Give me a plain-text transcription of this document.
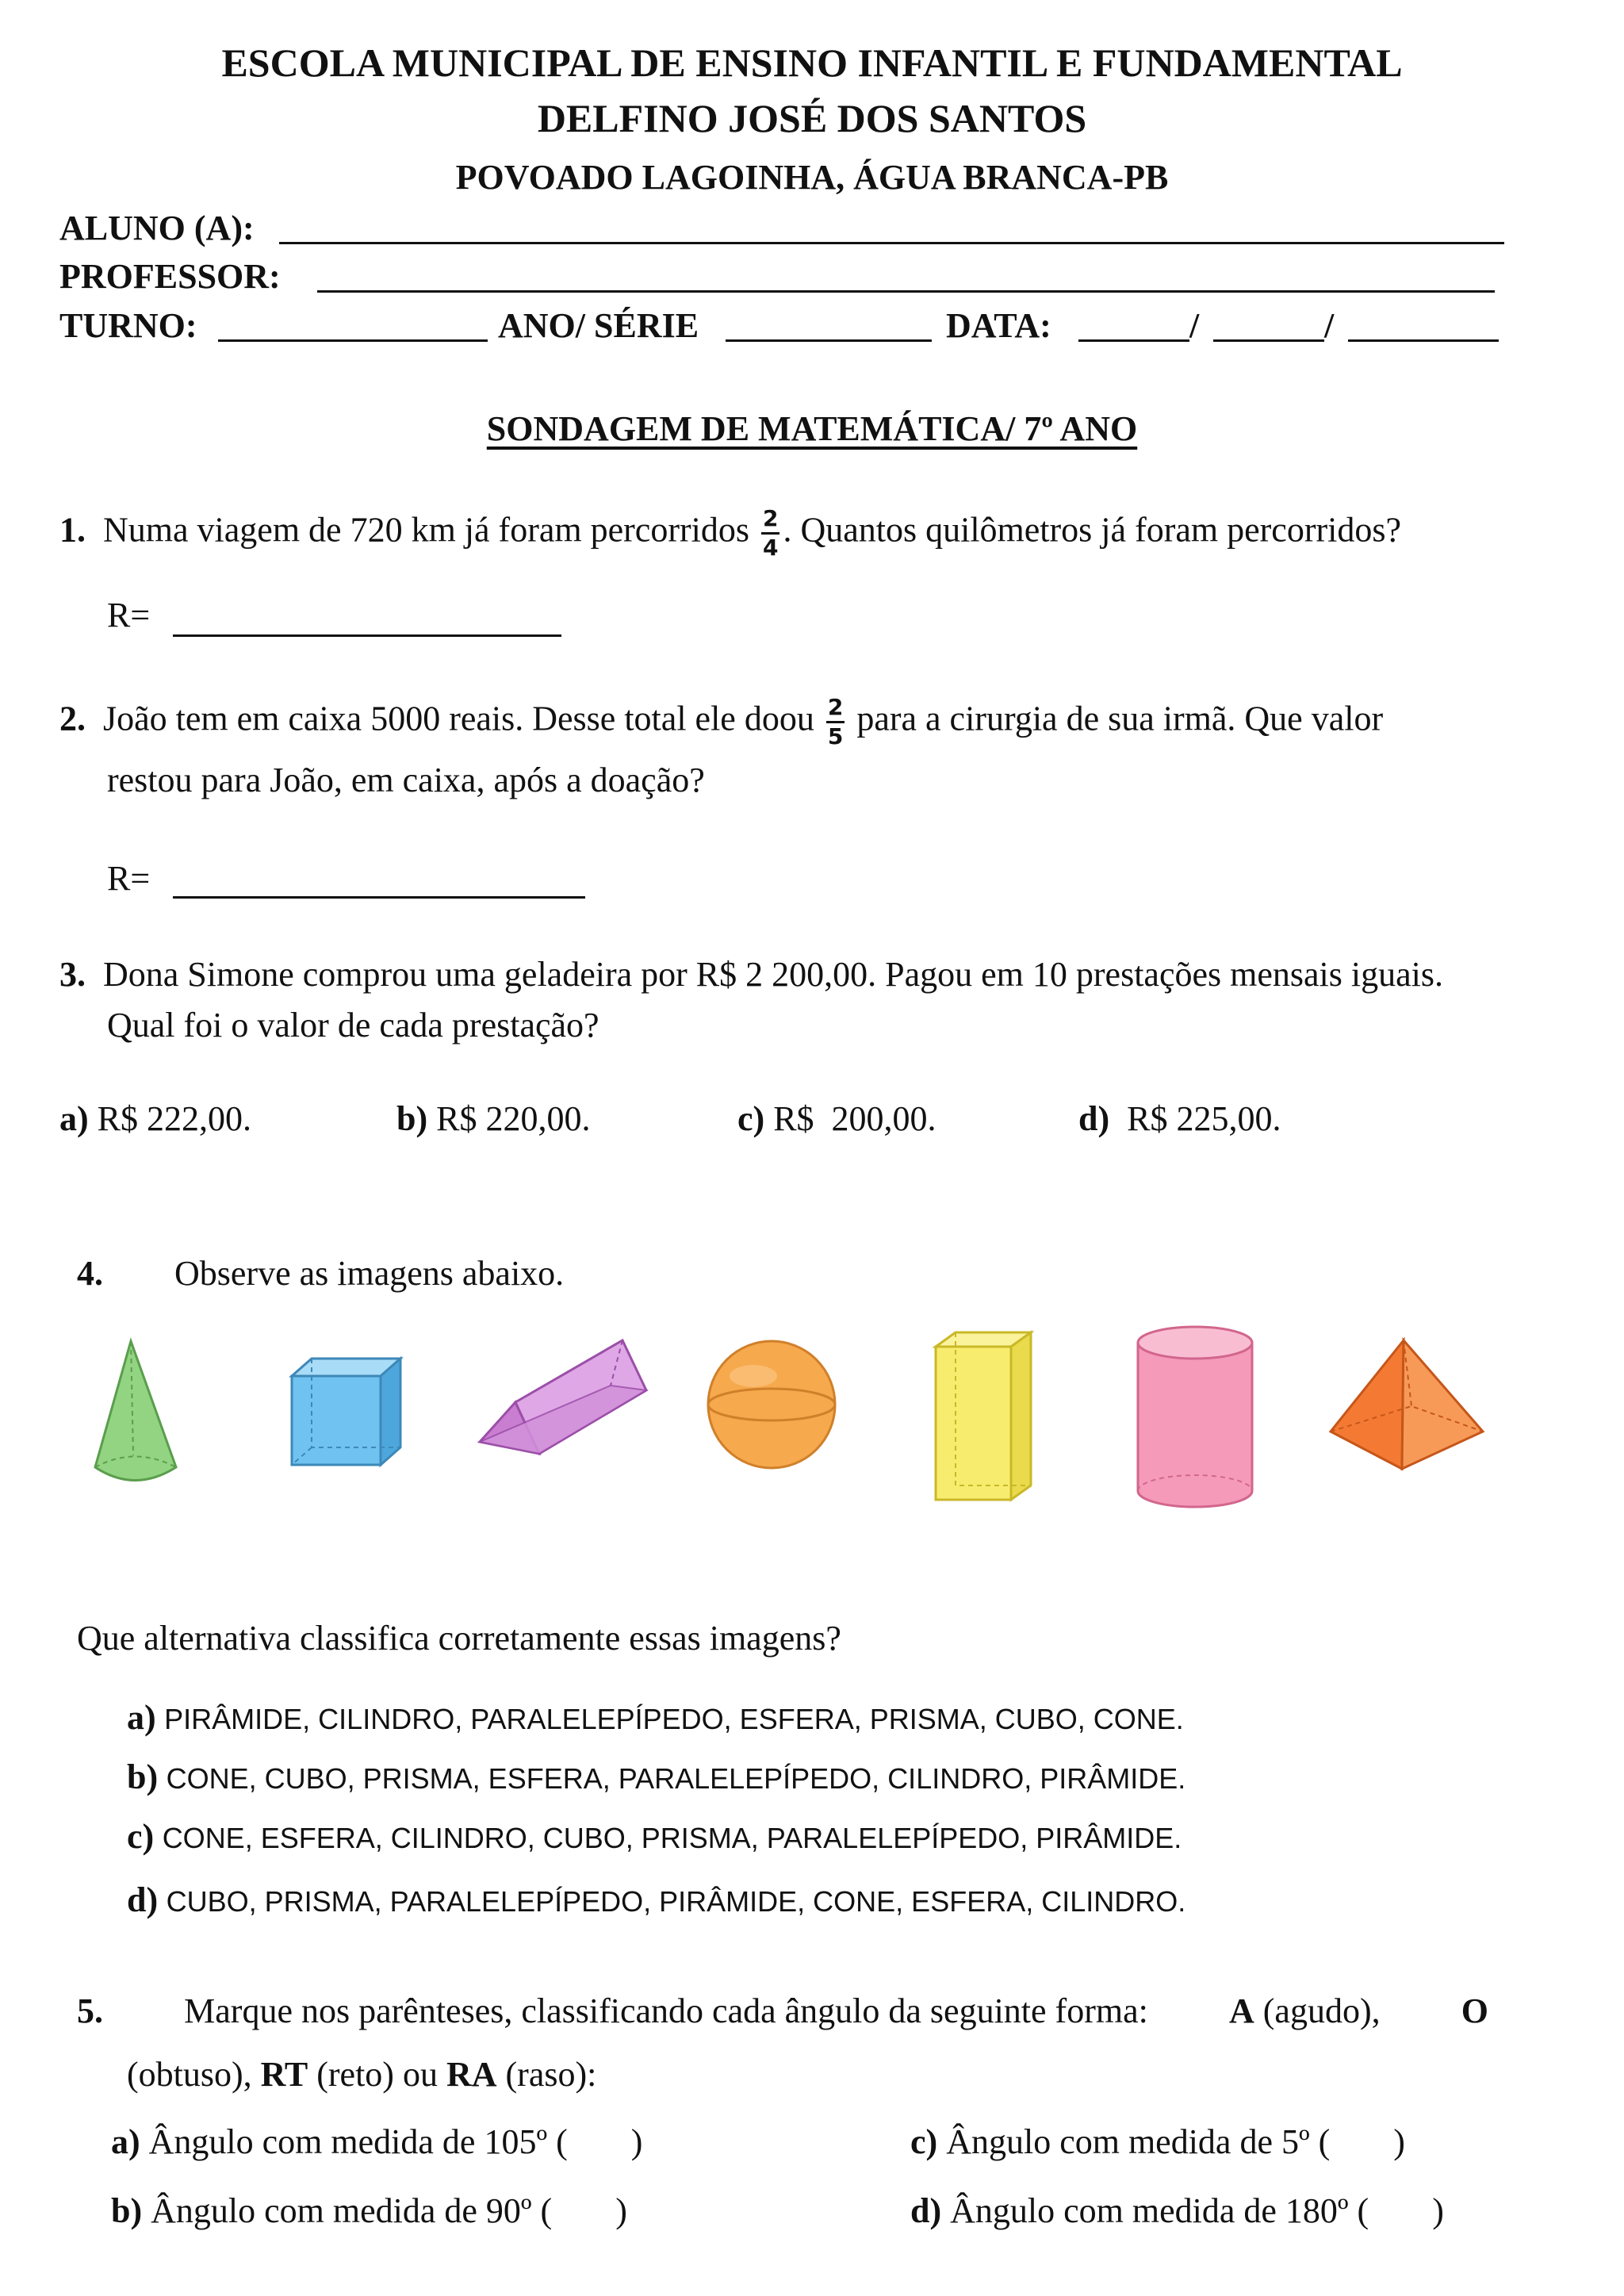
ESCOLA MUNICIPAL DE ENSINO INFANTIL E FUNDAMENTAL
DELFINO JOSÉ DOS SANTOS
POVOADO LAGOINHA, ÁGUA BRANCA-PB
ALUNO (A):
PROFESSOR:
TURNO:	ANO/ SÉRIE	DATA:	/	/
SONDAGEM DE MATEMÁTICA/ 7º ANO
1. Numa viagem de 720 km já foram percorridos $\frac{2}{4}$ . Quantos quilômetros já foram percorridos?
R=
2. João tem em caixa 5000 reais. Desse total ele doou $\frac{2}{5}$ para a cirurgia de sua irmã. Que valor
restou para João, em caixa, após a doação?
R=
3. Dona Simone comprou uma geladeira por R$ 2 200,00. Pagou em 10 prestações mensais iguais.
Qual foi o valor de cada prestação?
a) R$ 222,00.	b) R$ 220,00.	c) R$  200,00.	d) R$ 225,00.
4. Observe as imagens abaixo.
Que alternativa classifica corretamente essas imagens?
a) PIRÂMIDE, CILINDRO, PARALELEPÍPEDO, ESFERA, PRISMA, CUBO, CONE.
b) CONE, CUBO, PRISMA, ESFERA, PARALELEPÍPEDO, CILINDRO, PIRÂMIDE.
c) CONE, ESFERA, CILINDRO, CUBO, PRISMA, PARALELEPÍPEDO, PIRÂMIDE.
d) CUBO, PRISMA, PARALELEPÍPEDO, PIRÂMIDE, CONE, ESFERA, CILINDRO.
5. Marque nos parênteses, classificando cada ângulo da seguinte forma: A (agudo), O
(obtuso), RT (reto) ou RA (raso):
a) Ângulo com medida de 105º ( )	c) Ângulo com medida de 5º ( )
b) Ângulo com medida de 90º ( )	d) Ângulo com medida de 180º ( )
